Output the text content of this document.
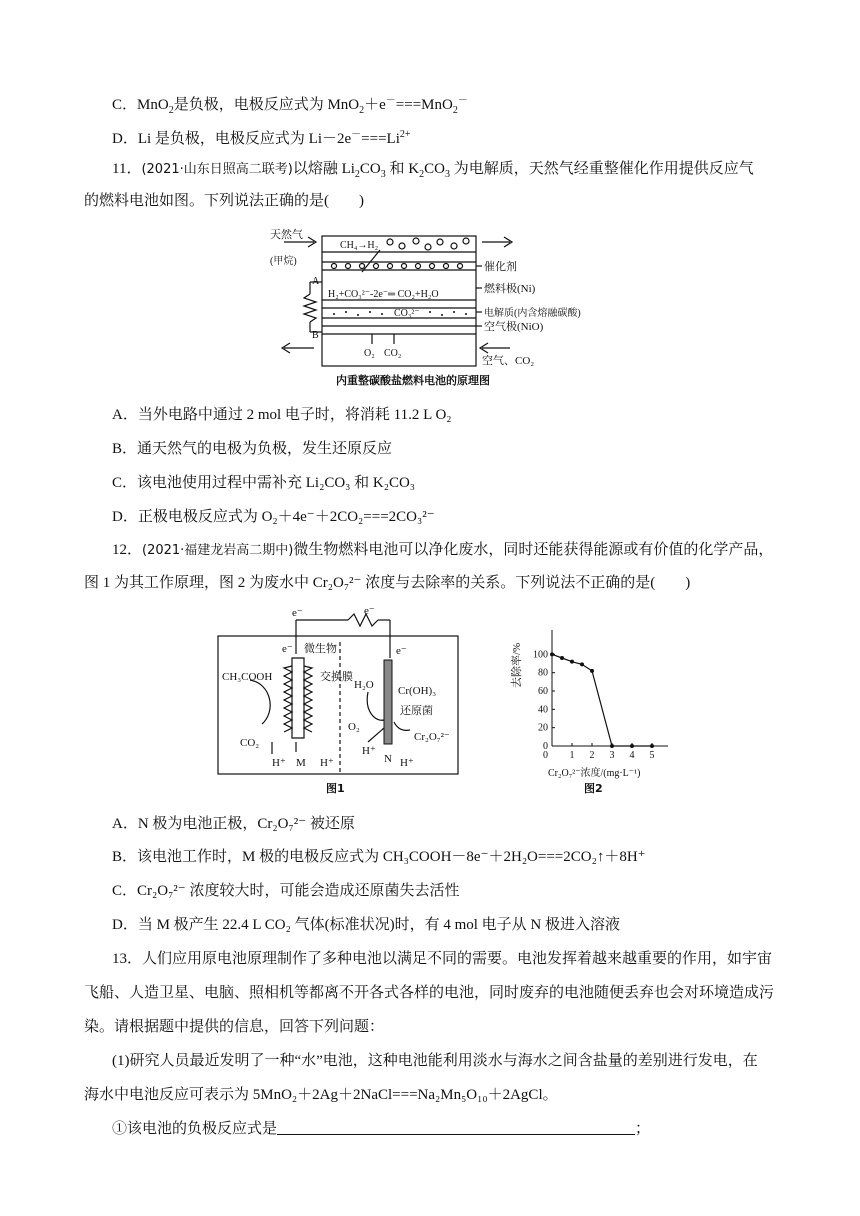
C．MnO$_2$是负极，电极反应式为 MnO$_2$＋e－===MnO$_2$－
D．Li 是负极，电极反应式为 $Li-2e^-===Li^{2+}$
11．(2021·山东日照高二联考)以熔融 $Li_2CO_3$ 和 $K_2CO_3$ 为电解质，天然气经重整催化作用提供反应气
的燃料电池如图。下列说法正确的是(　　)
天然气
(甲烷)
CH₄→H₂
催化剂
燃料极(Ni)
H₂+CO₃²⁻-2e⁻═ CO₂+H₂O
电解质(内含熔融碳酸)
CO₃²⁻
空气极(NiO)
A
B
O₂ CO₂
空气、CO₂
内重整碳酸盐燃料电池的原理图
A．当外电路中通过 2 mol 电子时，将消耗 11.2 L O₂
B．通天然气的电极为负极，发生还原反应
C．该电池使用过程中需补充 Li₂CO₃ 和 K₂CO₃
D．正极电极反应式为 O₂＋4e⁻＋2CO₂===2CO₃²⁻
12．(2021·福建龙岩高二期中)微生物燃料电池可以净化废水，同时还能获得能源或有价值的化学产品，
图 1 为其工作原理，图 2 为废水中 Cr₂O₇²⁻ 浓度与去除率的关系。下列说法不正确的是(　　)
e⁻	e⁻
e⁻	e⁻
微生物
交换膜
CH₃COOH
CO₂
H⁺ M H⁺
H₂O
O₂
H⁺
N H⁺
Cr(OH)₃
还原菌
Cr₂O₇²⁻
图1
0
20
40
60
80
100
0 1 2 3 4 5
去除率/%
Cr₂O₇²⁻浓度/(mg·L⁻¹)
图2
A．N 极为电池正极，Cr₂O₇²⁻ 被还原
B．该电池工作时，M 极的电极反应式为 CH₃COOH－8e⁻＋2H₂O===2CO₂↑＋8H⁺
C．Cr₂O₇²⁻ 浓度较大时，可能会造成还原菌失去活性
D．当 M 极产生 22.4 L CO₂ 气体(标准状况)时，有 4 mol 电子从 N 极进入溶液
13．人们应用原电池原理制作了多种电池以满足不同的需要。电池发挥着越来越重要的作用，如宇宙
飞船、人造卫星、电脑、照相机等都离不开各式各样的电池，同时废弃的电池随便丢弃也会对环境造成污
染。请根据题中提供的信息，回答下列问题：
(1)研究人员最近发明了一种“水”电池，这种电池能利用淡水与海水之间含盐量的差别进行发电，在
海水中电池反应可表示为 5MnO₂＋2Ag＋2NaCl===Na₂Mn₅O₁₀＋2AgCl。
①该电池的负极反应式是	；
